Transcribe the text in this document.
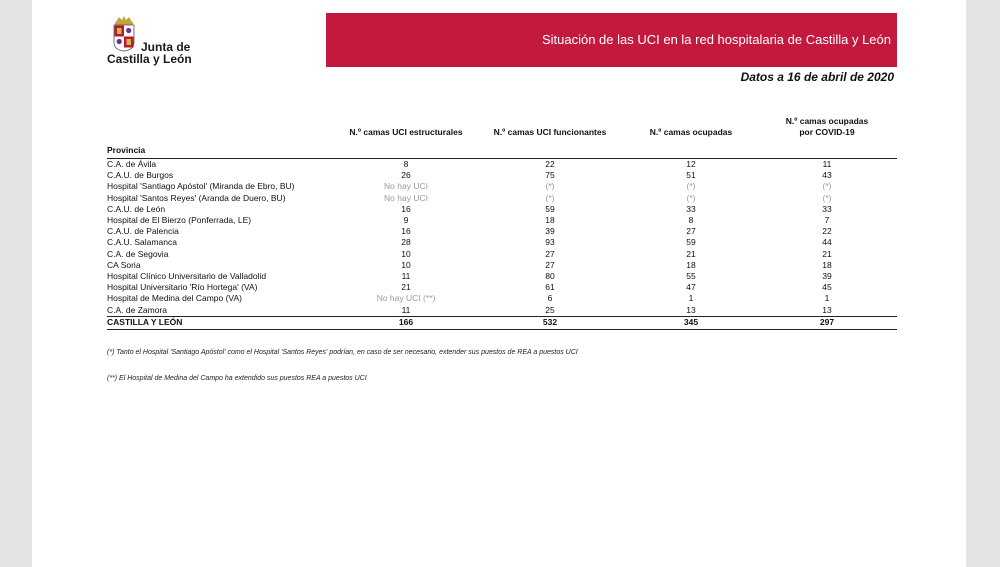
Junta de
Castilla y León
Situación de las UCI en la red hospitalaria de Castilla y León
Datos a 16 de abril de 2020
	N.º camas UCI estructurales	N.º camas UCI funcionantes	N.º camas ocupadas	N.º camas ocupadas
por COVID-19
Provincia				
C.A. de Ávila	8	22	12	11
C.A.U. de Burgos	26	75	51	43
Hospital 'Santiago Apóstol' (Miranda de Ebro, BU)	No hay UCI	(*)	(*)	(*)
Hospital 'Santos Reyes' (Aranda de Duero, BU)	No hay UCI	(*)	(*)	(*)
C.A.U. de León	16	59	33	33
Hospital de El Bierzo (Ponferrada, LE)	9	18	8	7
C.A.U. de Palencia	16	39	27	22
C.A.U. Salamanca	28	93	59	44
C.A. de Segovia	10	27	21	21
CA Soria	10	27	18	18
Hospital Clínico Universitario de Valladolid	11	80	55	39
Hospital Universitario 'Río Hortega' (VA)	21	61	47	45
Hospital de Medina del Campo (VA)	No hay UCI (**)	6	1	1
C.A. de Zamora	11	25	13	13
CASTILLA Y LEÓN	166	532	345	297
(*) Tanto el Hospital 'Santiago Apóstol' como el Hospital 'Santos Reyes' podrían, en caso de ser necesario, extender sus puestos de REA a puestos UCI
(**) El Hospital de Medina del Campo ha extendido sus puestos REA a puestos UCI
